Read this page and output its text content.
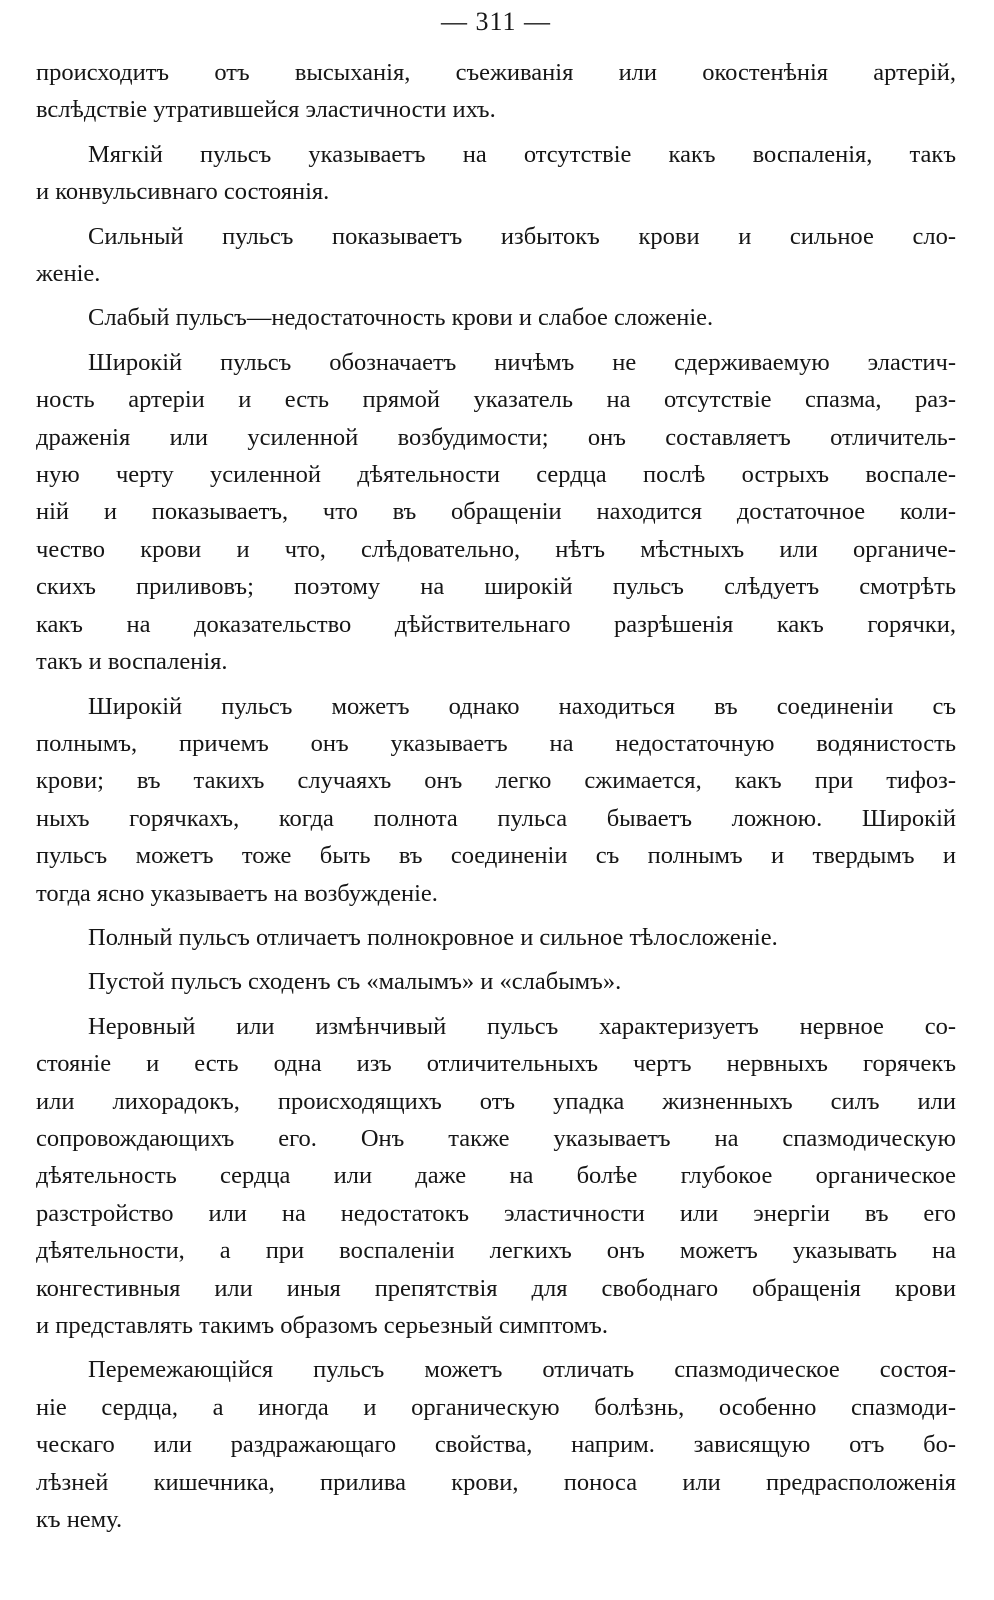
— 311 —
происходитъ отъ высыханія, съеживанія или окостенѣнія артерій,
вслѣдствіе утратившейся эластичности ихъ.
Мягкій пульсъ указываетъ на отсутствіе какъ воспаленія, такъ
и конвульсивнаго состоянія.
Сильный пульсъ показываетъ избытокъ крови и сильное сло-
женіе.
Слабый пульсъ—недостаточность крови и слабое сложеніе.
Широкій пульсъ обозначаетъ ничѣмъ не сдерживаемую эластич-
ность артеріи и есть прямой указатель на отсутствіе спазма, раз-
драженія или усиленной возбудимости; онъ составляетъ отличитель-
ную черту усиленной дѣятельности сердца послѣ острыхъ воспале-
ній и показываетъ, что въ обращеніи находится достаточное коли-
чество крови и что, слѣдовательно, нѣтъ мѣстныхъ или органиче-
скихъ приливовъ; поэтому на широкій пульсъ слѣдуетъ смотрѣть
какъ на доказательство дѣйствительнаго разрѣшенія какъ горячки,
такъ и воспаленія.
Широкій пульсъ можетъ однако находиться въ соединеніи съ
полнымъ, причемъ онъ указываетъ на недостаточную водянистость
крови; въ такихъ случаяхъ онъ легко сжимается, какъ при тифоз-
ныхъ горячкахъ, когда полнота пульса бываетъ ложною. Широкій
пульсъ можетъ тоже быть въ соединеніи съ полнымъ и твердымъ и
тогда ясно указываетъ на возбужденіе.
Полный пульсъ отличаетъ полнокровное и сильное тѣлосложеніе.
Пустой пульсъ сходенъ съ «малымъ» и «слабымъ».
Неровный или измѣнчивый пульсъ характеризуетъ нервное со-
стояніе и есть одна изъ отличительныхъ чертъ нервныхъ горячекъ
или лихорадокъ, происходящихъ отъ упадка жизненныхъ силъ или
сопровождающихъ его. Онъ также указываетъ на спазмодическую
дѣятельность сердца или даже на болѣе глубокое органическое
разстройство или на недостатокъ эластичности или энергіи въ его
дѣятельности, а при воспаленіи легкихъ онъ можетъ указывать на
конгестивныя или иныя препятствія для свободнаго обращенія крови
и представлять такимъ образомъ серьезный симптомъ.
Перемежающійся пульсъ можетъ отличать спазмодическое состоя-
ніе сердца, а иногда и органическую болѣзнь, особенно спазмоди-
ческаго или раздражающаго свойства, наприм. зависящую отъ бо-
лѣзней кишечника, прилива крови, поноса или предрасположенія
къ нему.
